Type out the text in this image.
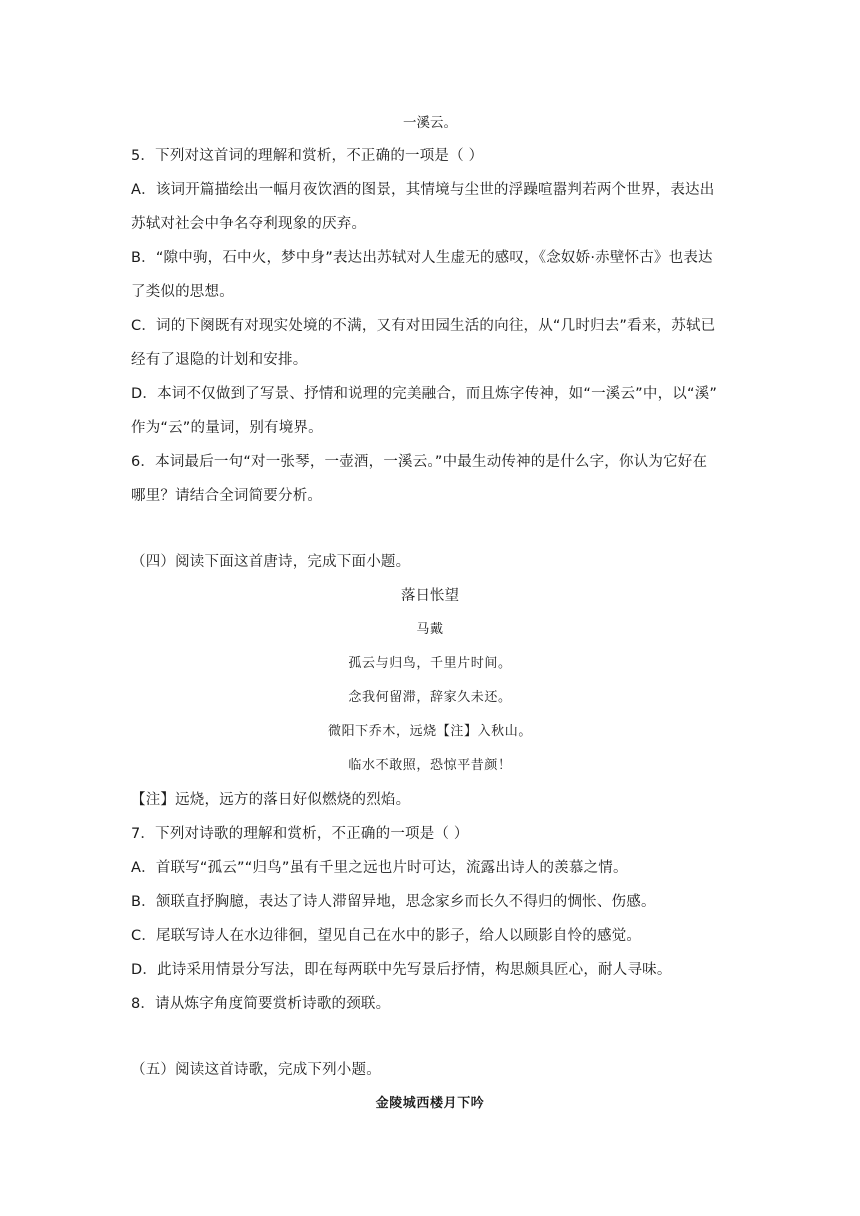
一溪云。
5．下列对这首词的理解和赏析，不正确的一项是（ ）
A．该词开篇描绘出一幅月夜饮酒的图景，其情境与尘世的浮躁喧嚣判若两个世界，表达出
苏轼对社会中争名夺利现象的厌弃。
B．“隙中驹，石中火，梦中身”表达出苏轼对人生虚无的感叹，《念奴娇·赤壁怀古》也表达
了类似的思想。
C．词的下阕既有对现实处境的不满，又有对田园生活的向往，从“几时归去”看来，苏轼已
经有了退隐的计划和安排。
D．本词不仅做到了写景、抒情和说理的完美融合，而且炼字传神，如“一溪云”中，以“溪”
作为“云”的量词，别有境界。
6．本词最后一句“对一张琴，一壶酒，一溪云。”中最生动传神的是什么字，你认为它好在
哪里？请结合全词简要分析。
（四）阅读下面这首唐诗，完成下面小题。
落日怅望
马戴
孤云与归鸟，千里片时间。
念我何留滞，辞家久未还。
微阳下乔木，远烧【注】入秋山。
临水不敢照，恐惊平昔颜！
【注】远烧，远方的落日好似燃烧的烈焰。
7．下列对诗歌的理解和赏析，不正确的一项是（ ）
A．首联写“孤云”“归鸟”虽有千里之远也片时可达，流露出诗人的羡慕之情。
B．颔联直抒胸臆，表达了诗人滞留异地，思念家乡而长久不得归的惆怅、伤感。
C．尾联写诗人在水边徘徊，望见自己在水中的影子，给人以顾影自怜的感觉。
D．此诗采用情景分写法，即在每两联中先写景后抒情，构思颇具匠心，耐人寻味。
8．请从炼字角度简要赏析诗歌的颈联。
（五）阅读这首诗歌，完成下列小题。
金陵城西楼月下吟
